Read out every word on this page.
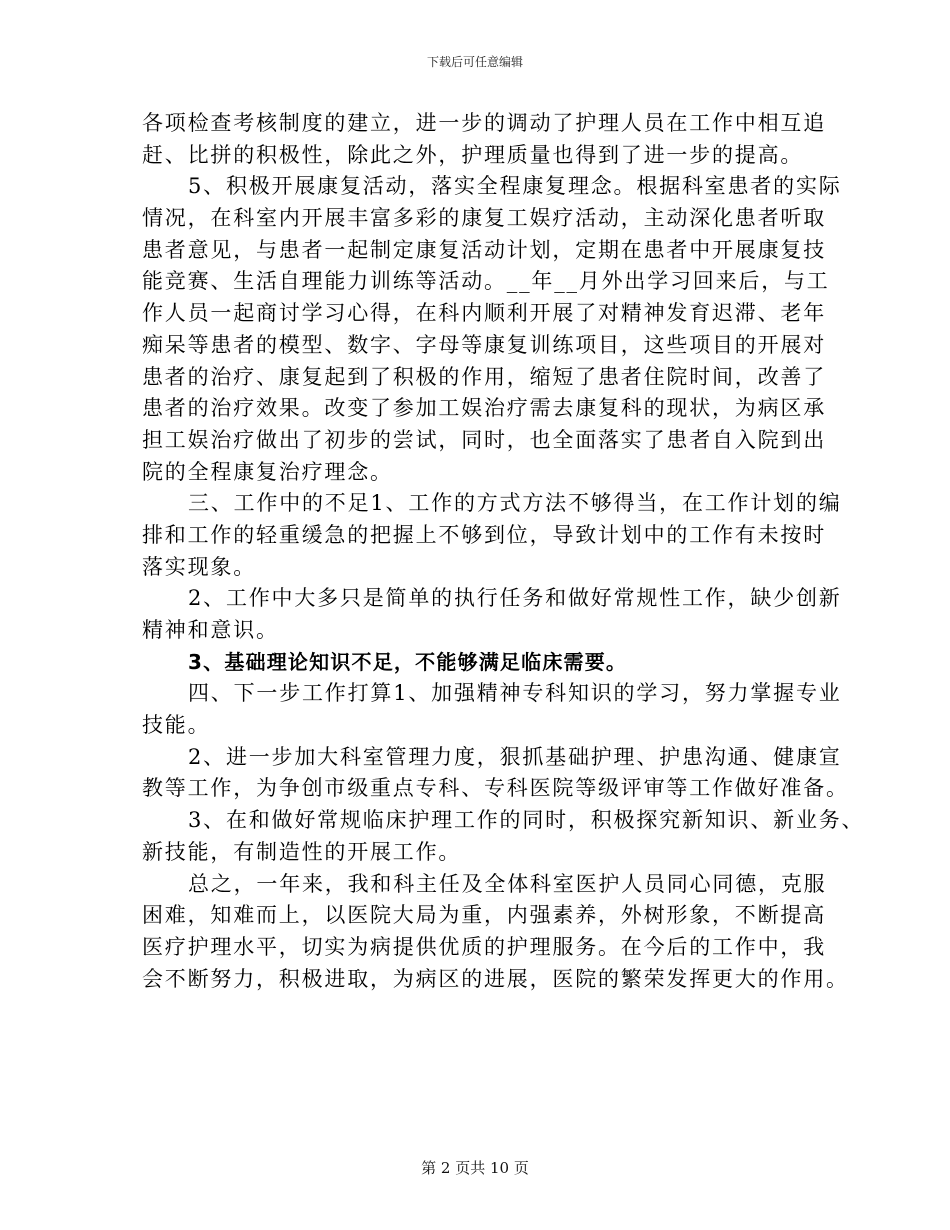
下载后可任意编辑
各项检查考核制度的建立，进一步的调动了护理人员在工作中相互追
赶、比拼的积极性，除此之外，护理质量也得到了进一步的提高。
5、积极开展康复活动，落实全程康复理念。根据科室患者的实际
情况，在科室内开展丰富多彩的康复工娱疗活动，主动深化患者听取
患者意见，与患者一起制定康复活动计划，定期在患者中开展康复技
能竞赛、生活自理能力训练等活动。__年__月外出学习回来后，与工
作人员一起商讨学习心得，在科内顺利开展了对精神发育迟滞、老年
痴呆等患者的模型、数字、字母等康复训练项目，这些项目的开展对
患者的治疗、康复起到了积极的作用，缩短了患者住院时间，改善了
患者的治疗效果。改变了参加工娱治疗需去康复科的现状，为病区承
担工娱治疗做出了初步的尝试，同时，也全面落实了患者自入院到出
院的全程康复治疗理念。
三、工作中的不足1、工作的方式方法不够得当，在工作计划的编
排和工作的轻重缓急的把握上不够到位，导致计划中的工作有未按时
落实现象。
2、工作中大多只是简单的执行任务和做好常规性工作，缺少创新
精神和意识。
3、基础理论知识不足，不能够满足临床需要。
四、下一步工作打算1、加强精神专科知识的学习，努力掌握专业
技能。
2、进一步加大科室管理力度，狠抓基础护理、护患沟通、健康宣
教等工作，为争创市级重点专科、专科医院等级评审等工作做好准备。
3、在和做好常规临床护理工作的同时，积极探究新知识、新业务、
新技能，有制造性的开展工作。
总之，一年来，我和科主任及全体科室医护人员同心同德，克服
困难，知难而上，以医院大局为重，内强素养，外树形象，不断提高
医疗护理水平，切实为病提供优质的护理服务。在今后的工作中，我
会不断努力，积极进取，为病区的进展，医院的繁荣发挥更大的作用。
第 2 页共 10 页
